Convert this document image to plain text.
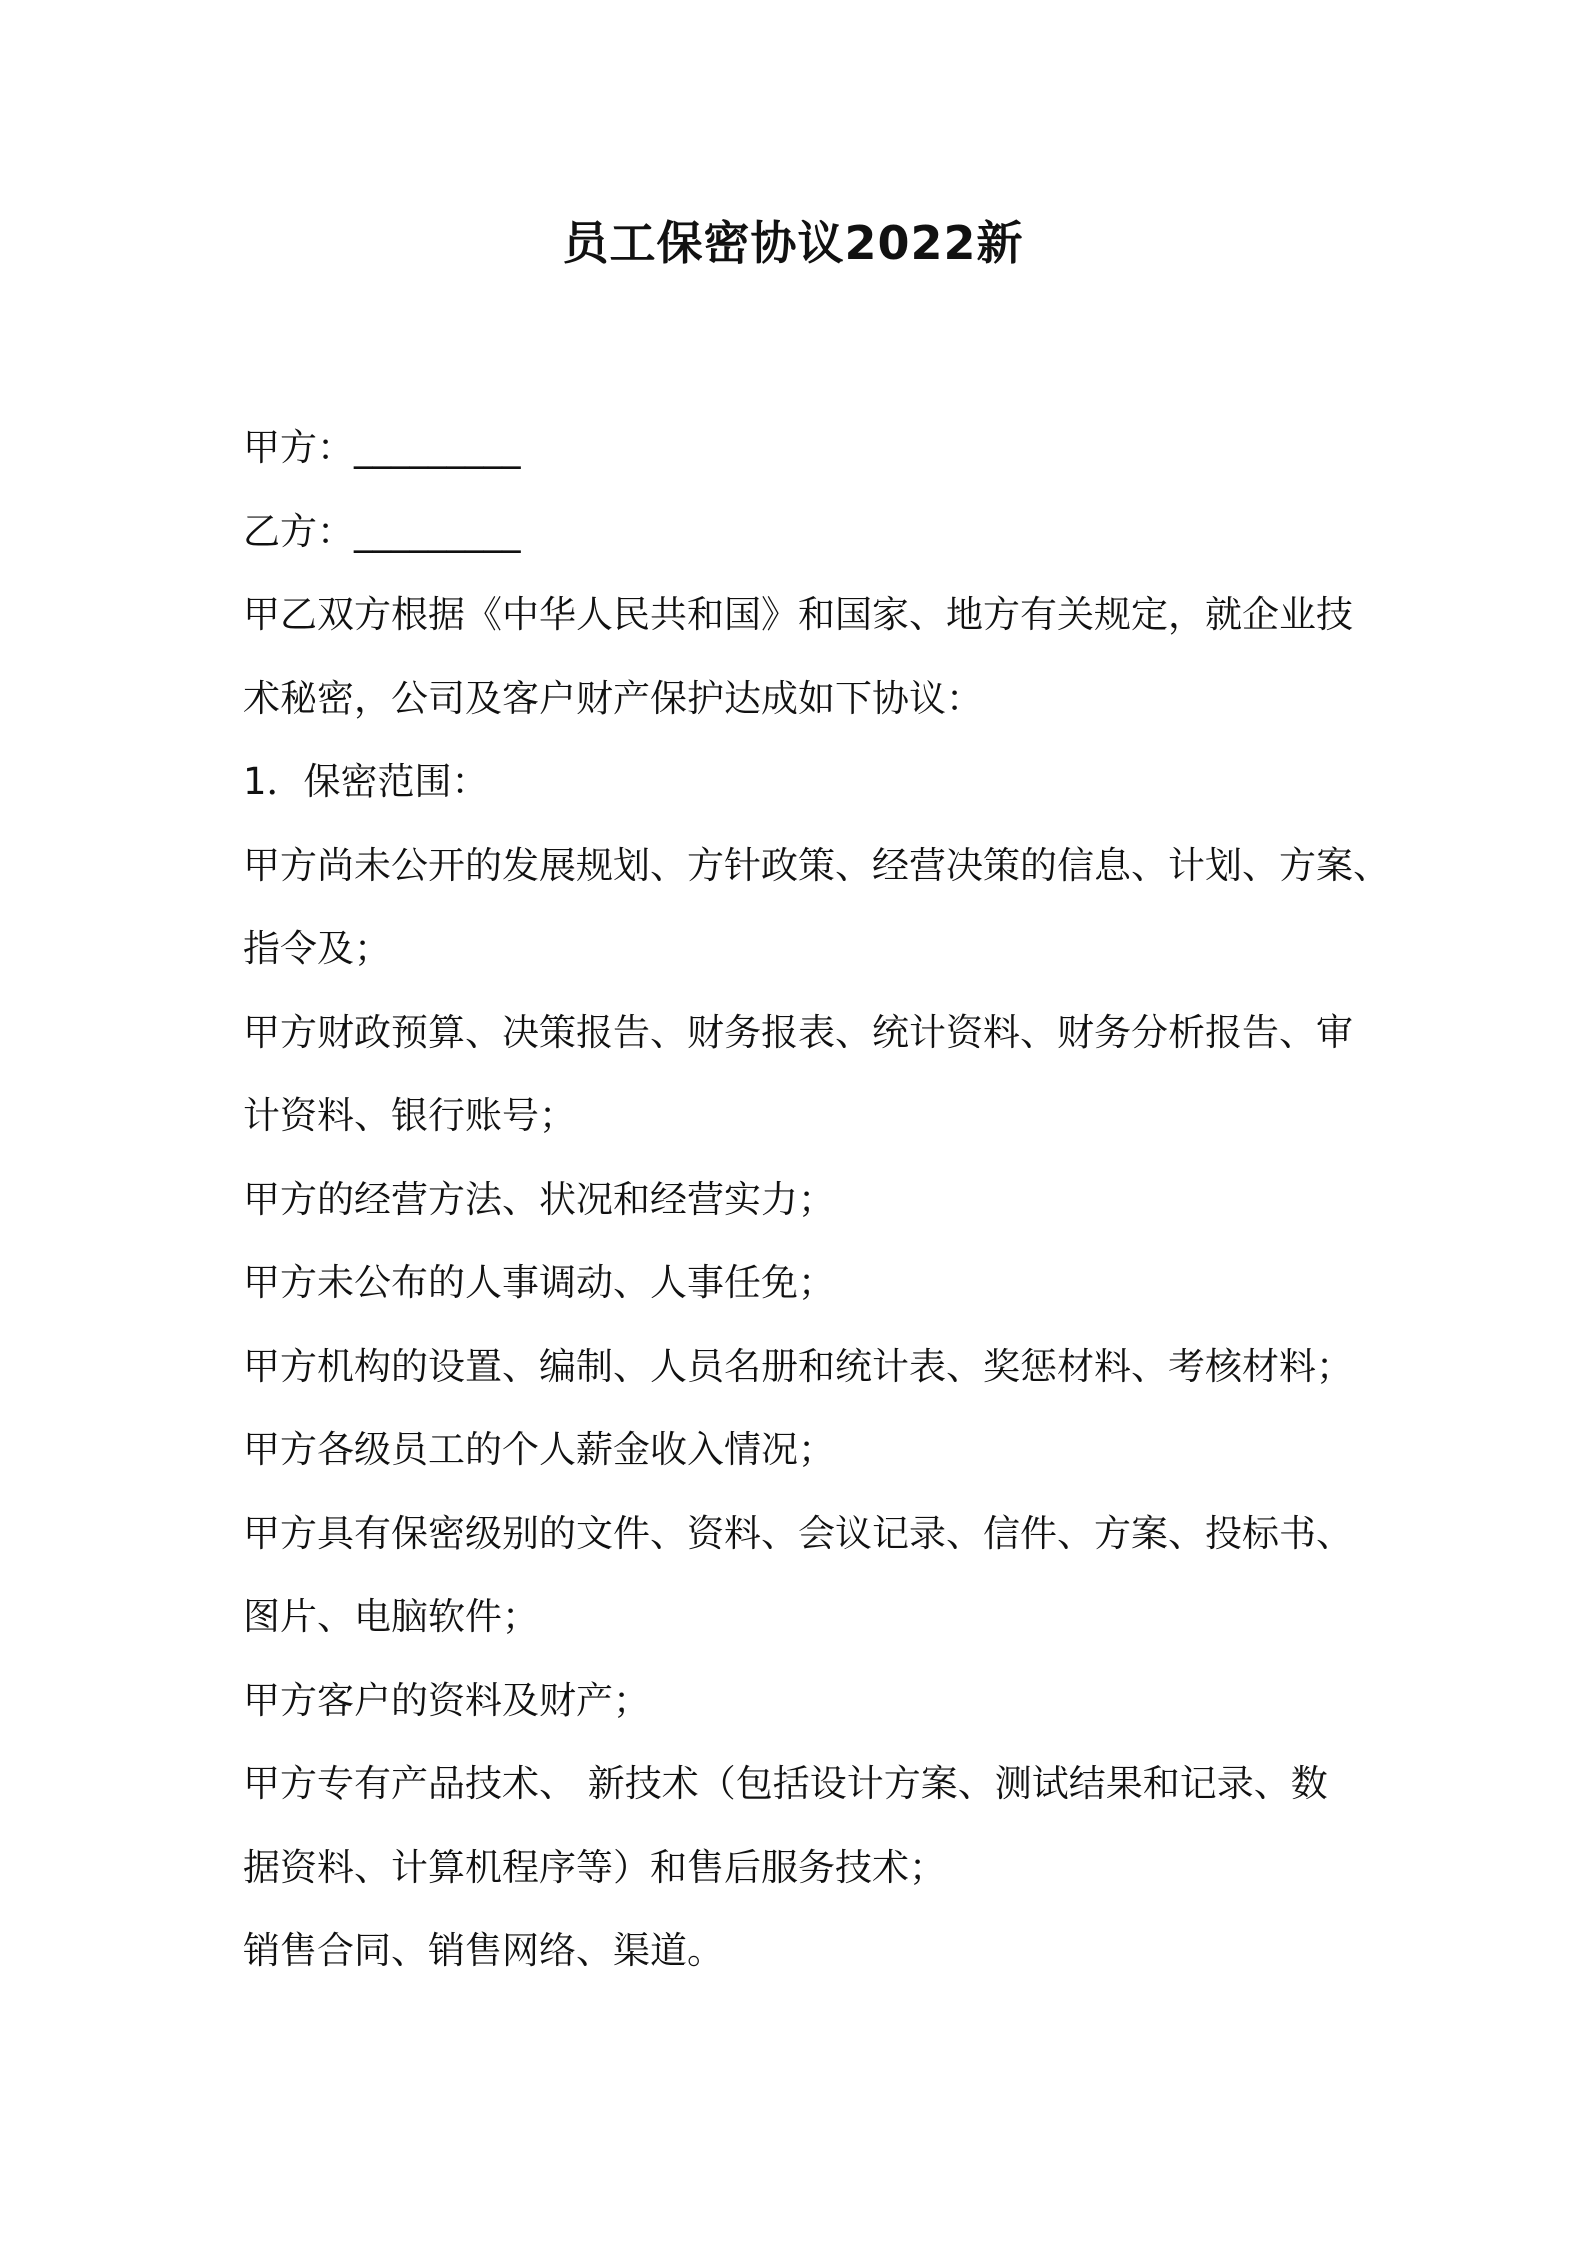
员工保密协议2022新

甲方：_________

乙方：_________

甲乙双方根据《中华人民共和国》和国家、地方有关规定，就企业技

术秘密，公司及客户财产保护达成如下协议：

1．保密范围：

甲方尚未公开的发展规划、方针政策、经营决策的信息、计划、方案、

指令及；

甲方财政预算、决策报告、财务报表、统计资料、财务分析报告、审

计资料、银行账号；

甲方的经营方法、状况和经营实力；

甲方未公布的人事调动、人事任免；

甲方机构的设置、编制、人员名册和统计表、奖惩材料、考核材料；

甲方各级员工的个人薪金收入情况；

甲方具有保密级别的文件、资料、会议记录、信件、方案、投标书、

图片、电脑软件；

甲方客户的资料及财产；

甲方专有产品技术、 新技术（包括设计方案、测试结果和记录、数

据资料、计算机程序等）和售后服务技术；

销售合同、销售网络、渠道。
